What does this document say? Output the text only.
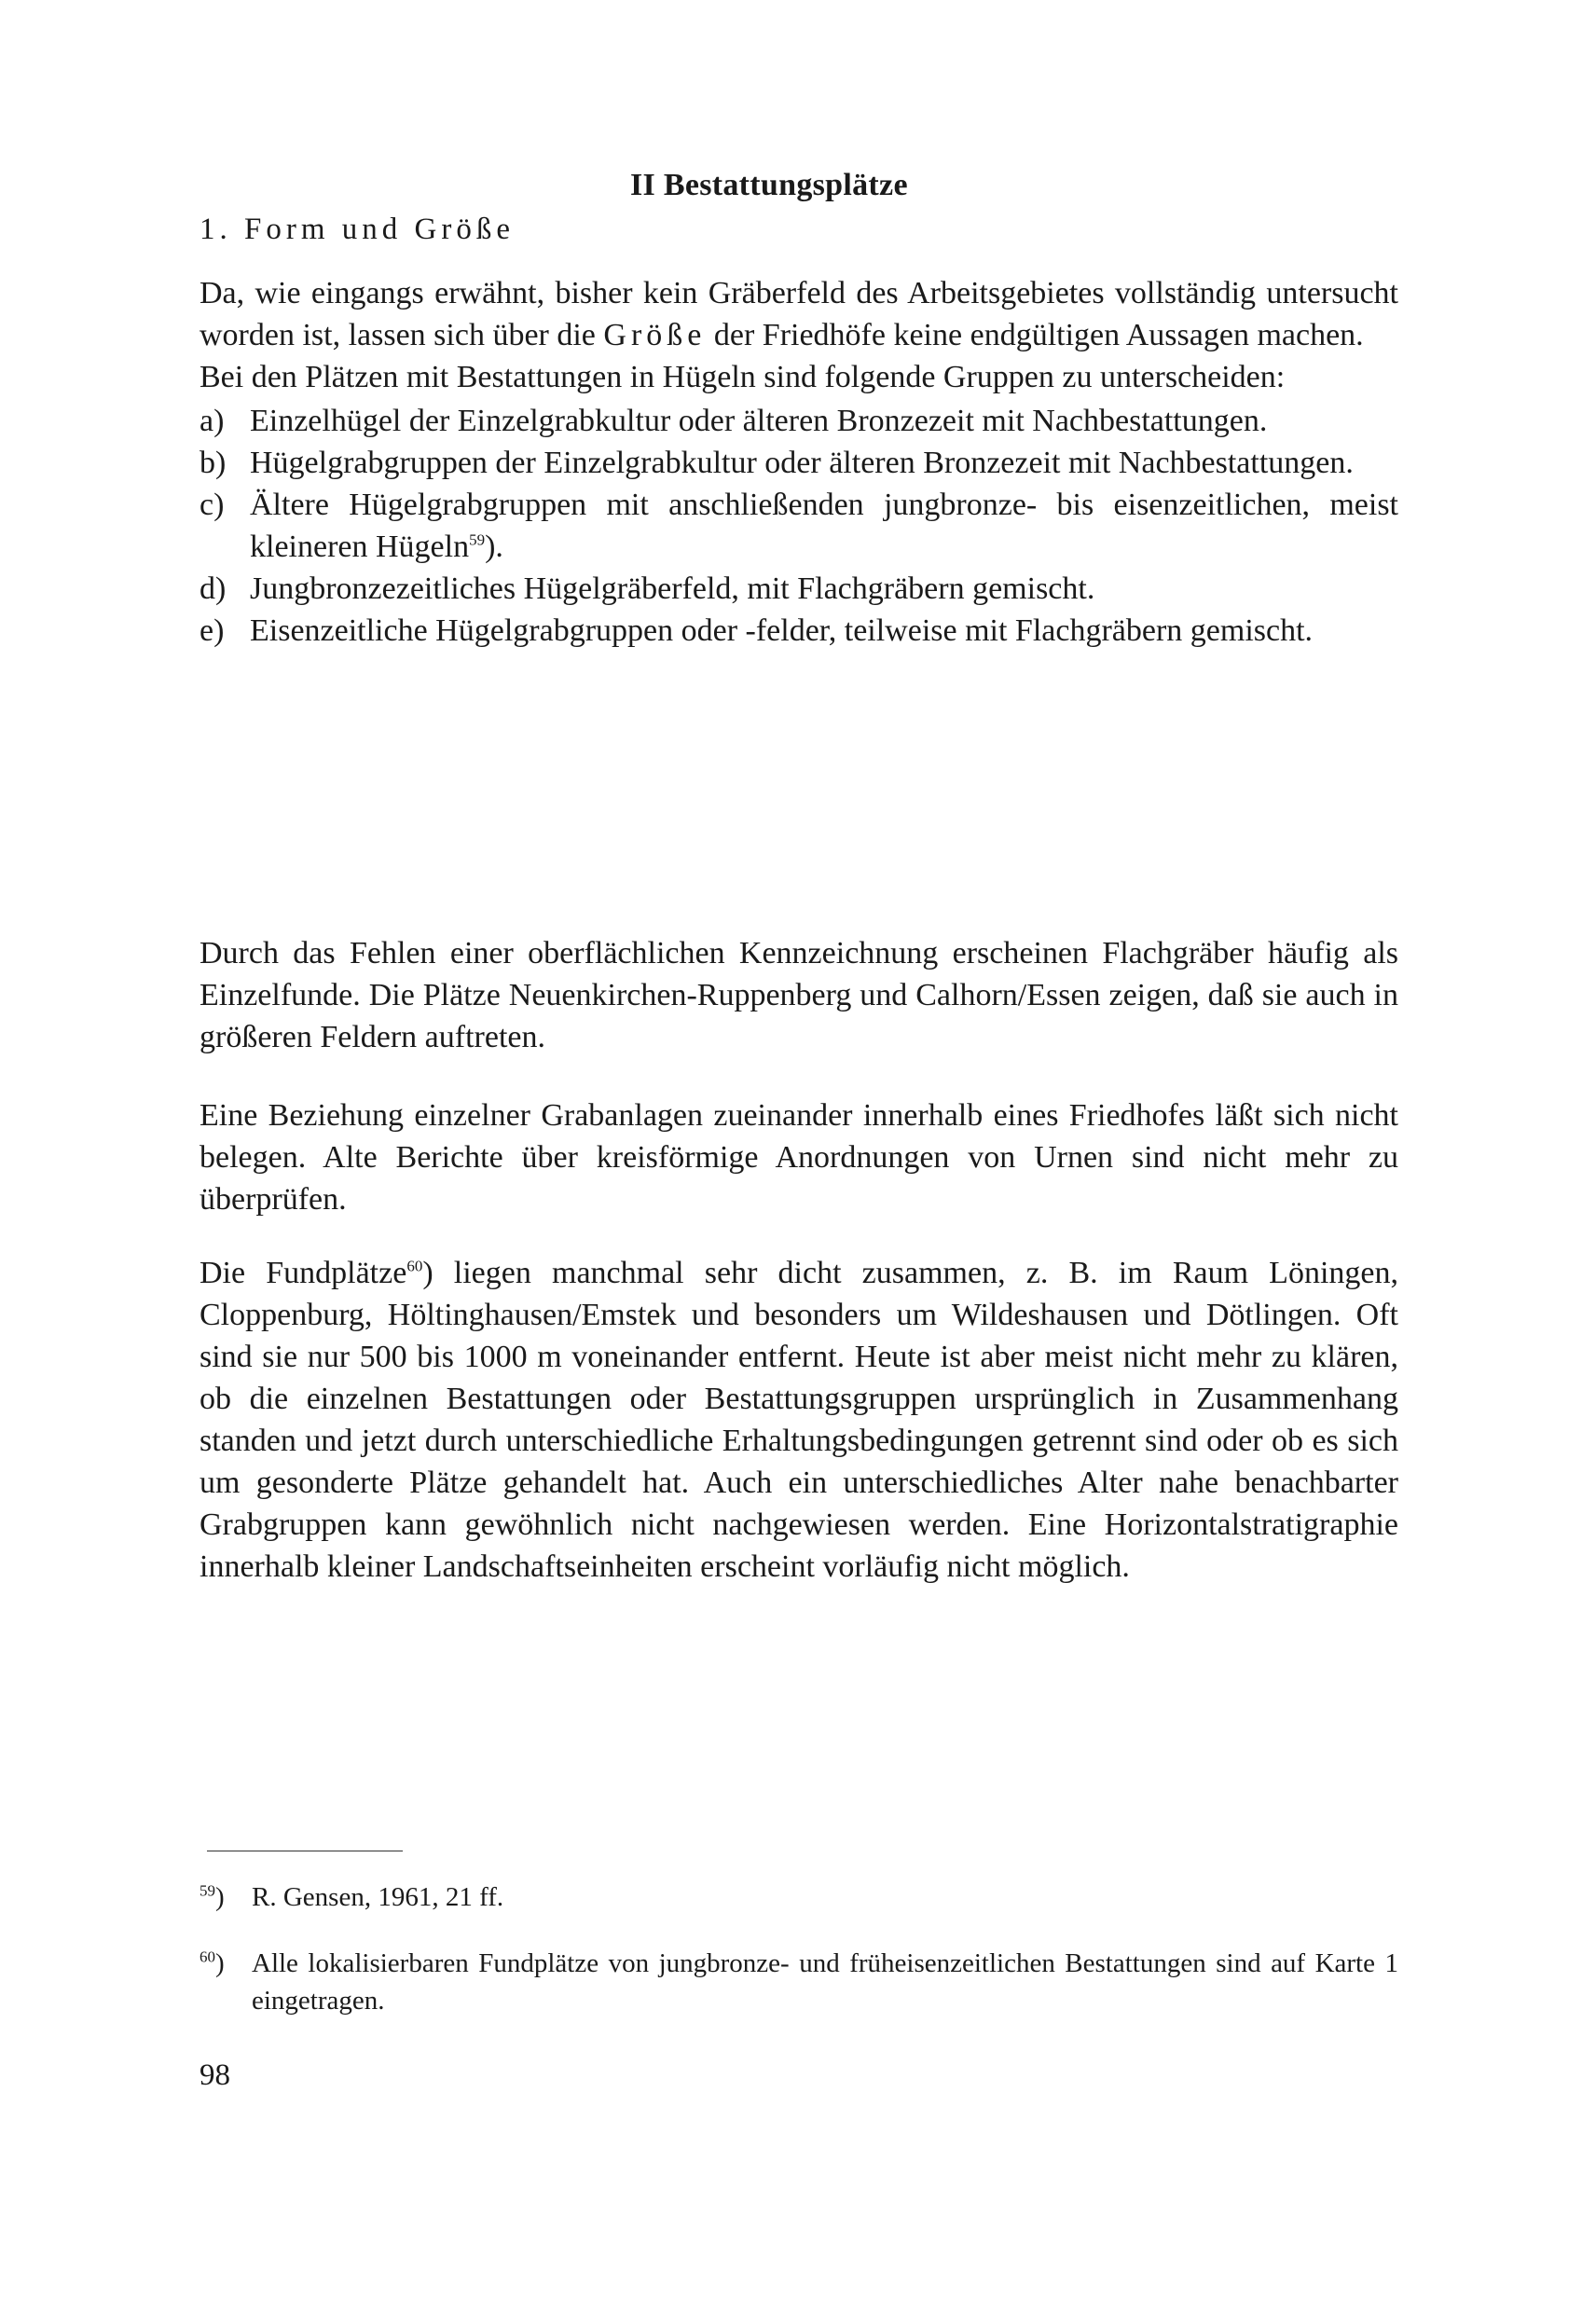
II Bestattungsplätze
1. Form und Größe
Da, wie eingangs erwähnt, bisher kein Gräberfeld des Arbeitsgebietes vollständig untersucht worden ist, lassen sich über die Größe der Friedhöfe keine endgültigen Aussagen machen.
Bei den Plätzen mit Bestattungen in Hügeln sind folgende Gruppen zu unterscheiden:
a) Einzelhügel der Einzelgrabkultur oder älteren Bronzezeit mit Nachbestattungen.
b) Hügelgrabgruppen der Einzelgrabkultur oder älteren Bronzezeit mit Nachbestattungen.
c) Ältere Hügelgrabgruppen mit anschließenden jungbronze- bis eisenzeitlichen, meist kleineren Hügeln$^{59}$).
d) Jungbronzezeitliches Hügelgräberfeld, mit Flachgräbern gemischt.
e) Eisenzeitliche Hügelgrabgruppen oder -felder, teilweise mit Flachgräbern gemischt.
Durch das Fehlen einer oberflächlichen Kennzeichnung erscheinen Flachgräber häufig als Einzelfunde. Die Plätze Neuenkirchen-Ruppenberg und Calhorn/Essen zeigen, daß sie auch in größeren Feldern auftreten.
Eine Beziehung einzelner Grabanlagen zueinander innerhalb eines Friedhofes läßt sich nicht belegen. Alte Berichte über kreisförmige Anordnungen von Urnen sind nicht mehr zu überprüfen.
Die Fundplätze$^{60}$) liegen manchmal sehr dicht zusammen, z. B. im Raum Löningen, Cloppenburg, Höltinghausen/Emstek und besonders um Wildeshausen und Dötlingen. Oft sind sie nur 500 bis 1000 m voneinander entfernt. Heute ist aber meist nicht mehr zu klären, ob die einzelnen Bestattungen oder Bestattungsgruppen ursprünglich in Zusammenhang standen und jetzt durch unterschiedliche Erhaltungsbedingungen getrennt sind oder ob es sich um gesonderte Plätze gehandelt hat. Auch ein unterschiedliches Alter nahe benachbarter Grabgruppen kann gewöhnlich nicht nachgewiesen werden. Eine Horizontalstratigraphie innerhalb kleiner Landschaftseinheiten erscheint vorläufig nicht möglich.
$^{59}$)	R. Gensen, 1961, 21 ff.
$^{60}$)	Alle lokalisierbaren Fundplätze von jungbronze- und früheisenzeitlichen Bestattungen sind auf Karte 1 eingetragen.
98
